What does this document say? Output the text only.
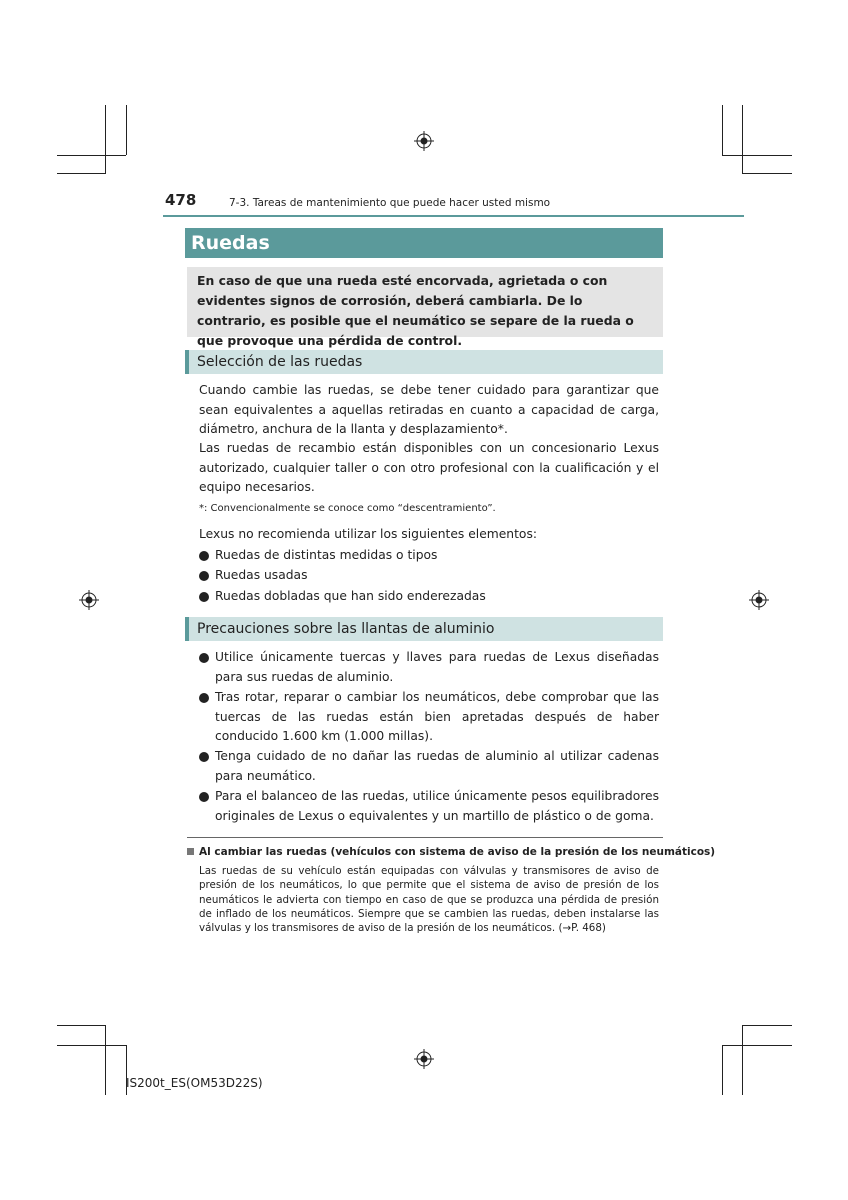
478	7-3. Tareas de mantenimiento que puede hacer usted mismo
Ruedas
En caso de que una rueda esté encorvada, agrietada o con evidentes signos de corrosión, deberá cambiarla. De lo contrario, es posible que el neumático se separe de la rueda o que provoque una pérdida de control.
Selección de las ruedas
Cuando cambie las ruedas, se debe tener cuidado para garantizar que sean equivalentes a aquellas retiradas en cuanto a capacidad de carga, diámetro, anchura de la llanta y desplazamiento*.
Las ruedas de recambio están disponibles con un concesionario Lexus autorizado, cualquier taller o con otro profesional con la cualificación y el equipo necesarios.
*: Convencionalmente se conoce como “descentramiento”.
Lexus no recomienda utilizar los siguientes elementos:
Ruedas de distintas medidas o tipos
Ruedas usadas
Ruedas dobladas que han sido enderezadas
Precauciones sobre las llantas de aluminio
Utilice únicamente tuercas y llaves para ruedas de Lexus diseñadas para sus ruedas de aluminio.
Tras rotar, reparar o cambiar los neumáticos, debe comprobar que las tuercas de las ruedas están bien apretadas después de haber conducido 1.600 km (1.000 millas).
Tenga cuidado de no dañar las ruedas de aluminio al utilizar cadenas para neumático.
Para el balanceo de las ruedas, utilice únicamente pesos equilibradores originales de Lexus o equivalentes y un martillo de plástico o de goma.
Al cambiar las ruedas (vehículos con sistema de aviso de la presión de los neumáticos)
Las ruedas de su vehículo están equipadas con válvulas y transmisores de aviso de presión de los neumáticos, lo que permite que el sistema de aviso de presión de los neumáticos le advierta con tiempo en caso de que se produzca una pérdida de presión de inflado de los neumáticos. Siempre que se cambien las ruedas, deben instalarse las válvulas y los transmisores de aviso de la presión de los neumáticos. (→P. 468)
IS200t_ES(OM53D22S)
